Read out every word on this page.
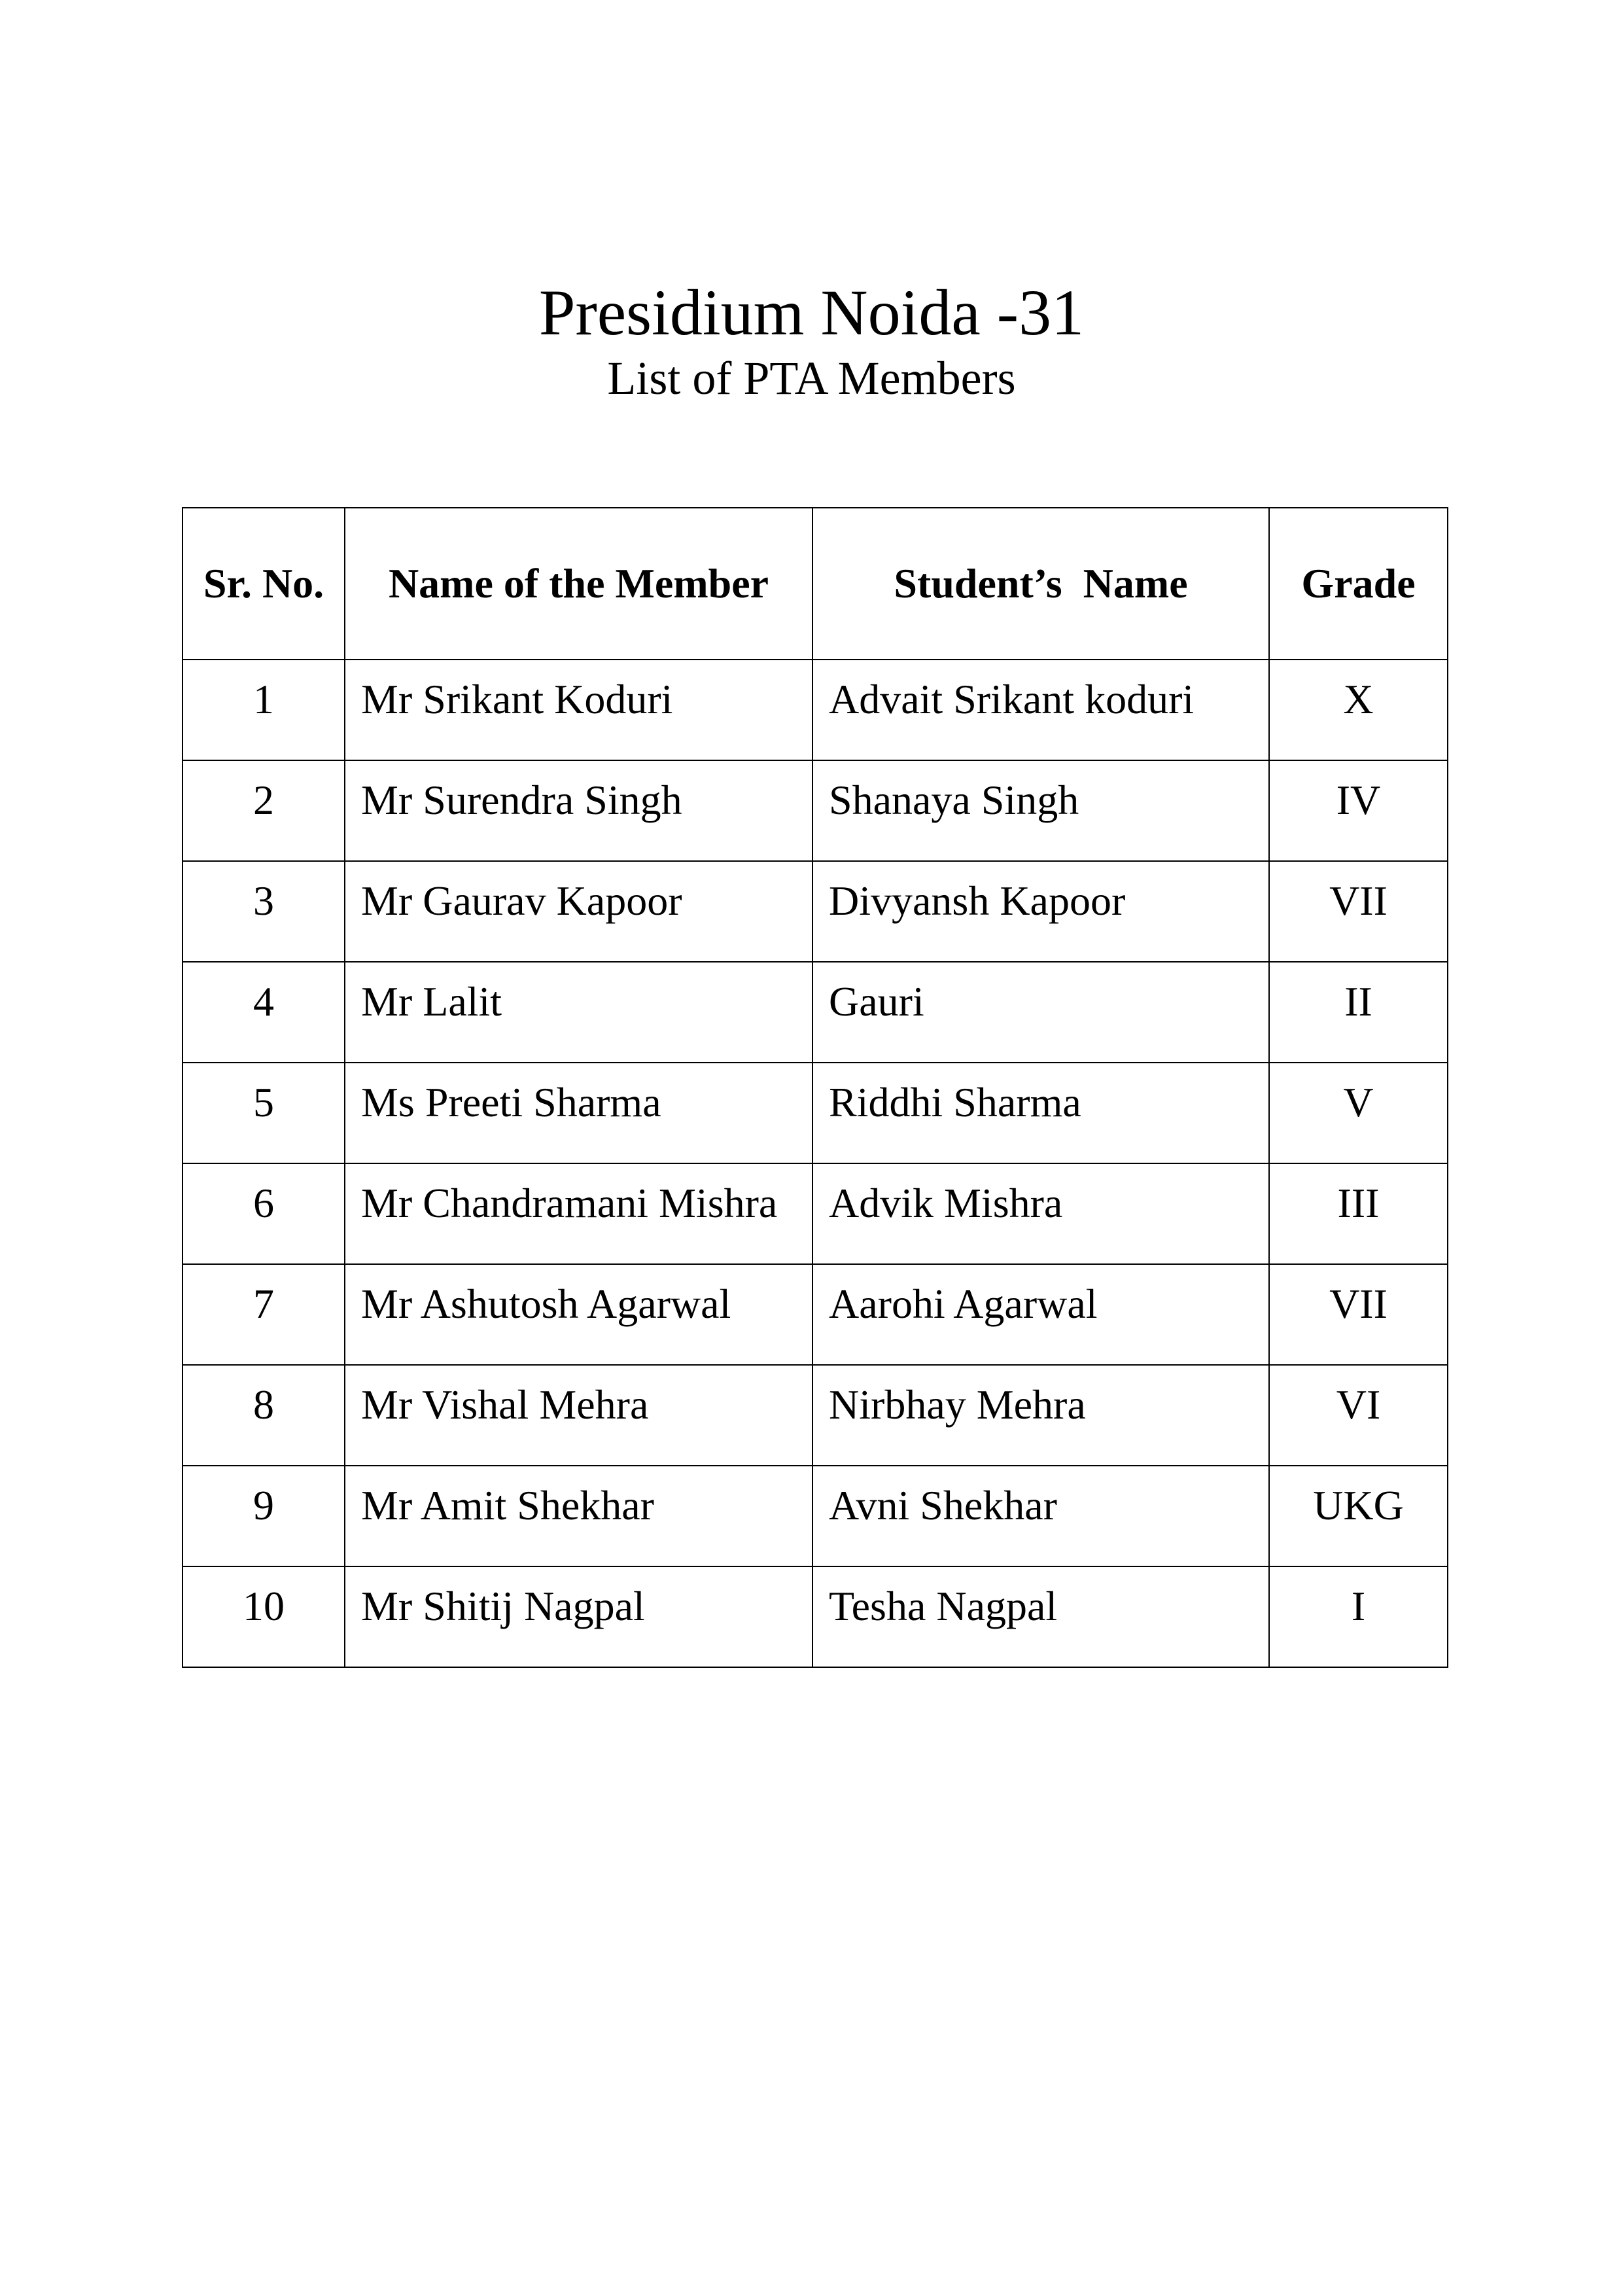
Presidium Noida -31
List of PTA Members
Sr. No.	Name of the Member	Student’s  Name	Grade
1	Mr Srikant Koduri	Advait Srikant koduri	X
2	Mr Surendra Singh	Shanaya Singh	IV
3	Mr Gaurav Kapoor	Divyansh Kapoor	VII
4	Mr Lalit	Gauri	II
5	Ms Preeti Sharma	Riddhi Sharma	V
6	Mr Chandramani Mishra	Advik Mishra	III
7	Mr Ashutosh Agarwal	Aarohi Agarwal	VII
8	Mr Vishal Mehra	Nirbhay Mehra	VI
9	Mr Amit Shekhar	Avni Shekhar	UKG
10	Mr Shitij Nagpal	Tesha Nagpal	I
